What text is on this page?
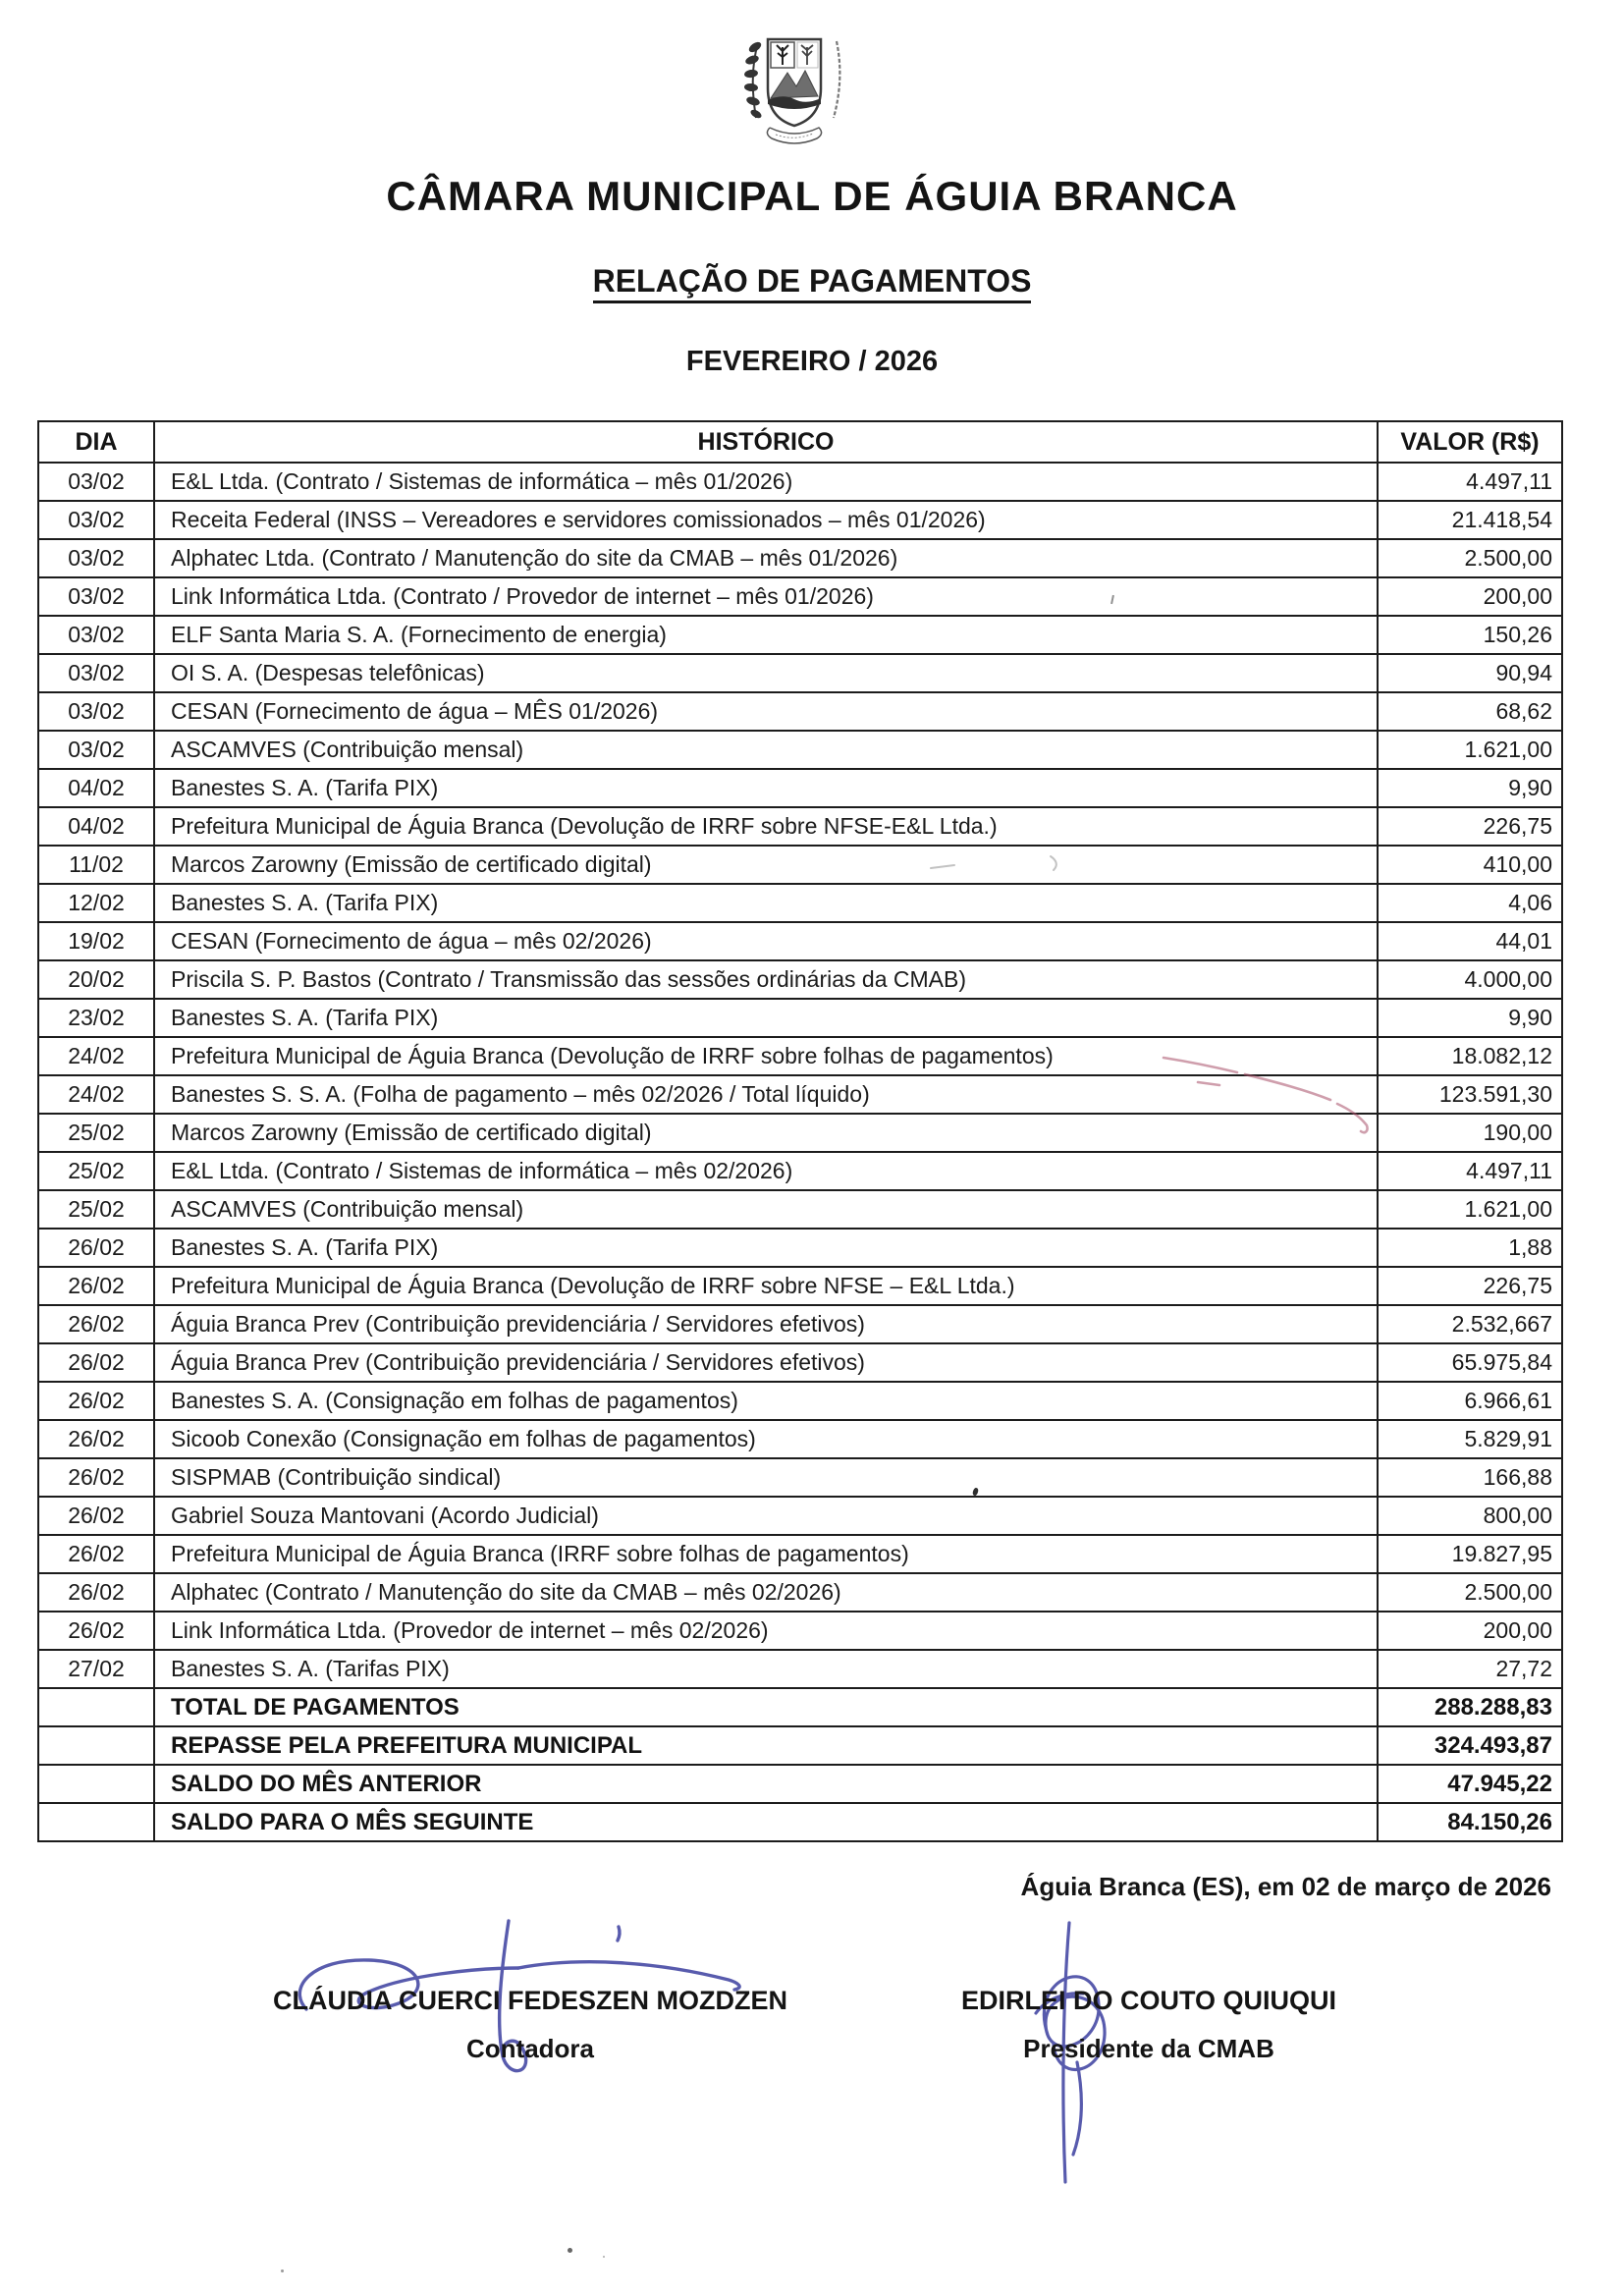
CÂMARA MUNICIPAL DE ÁGUIA BRANCA
RELAÇÃO DE PAGAMENTOS
FEVEREIRO / 2026
DIA	HISTÓRICO	VALOR (R$)
03/02	E&L Ltda. (Contrato / Sistemas de informática – mês 01/2026)	4.497,11
03/02	Receita Federal (INSS – Vereadores e servidores comissionados – mês 01/2026)	21.418,54
03/02	Alphatec Ltda. (Contrato / Manutenção do site da CMAB – mês 01/2026)	2.500,00
03/02	Link Informática Ltda. (Contrato / Provedor de internet – mês 01/2026)	200,00
03/02	ELF Santa Maria S. A. (Fornecimento de energia)	150,26
03/02	OI S. A. (Despesas telefônicas)	90,94
03/02	CESAN (Fornecimento de água – MÊS 01/2026)	68,62
03/02	ASCAMVES (Contribuição mensal)	1.621,00
04/02	Banestes S. A. (Tarifa PIX)	9,90
04/02	Prefeitura Municipal de Águia Branca (Devolução de IRRF sobre NFSE-E&L Ltda.)	226,75
11/02	Marcos Zarowny (Emissão de certificado digital)	410,00
12/02	Banestes S. A. (Tarifa PIX)	4,06
19/02	CESAN (Fornecimento de água – mês 02/2026)	44,01
20/02	Priscila S. P. Bastos (Contrato / Transmissão das sessões ordinárias da CMAB)	4.000,00
23/02	Banestes S. A. (Tarifa PIX)	9,90
24/02	Prefeitura Municipal de Águia Branca (Devolução de IRRF sobre folhas de pagamentos)	18.082,12
24/02	Banestes S. S. A. (Folha de pagamento – mês 02/2026 / Total líquido)	123.591,30
25/02	Marcos Zarowny (Emissão de certificado digital)	190,00
25/02	E&L Ltda. (Contrato / Sistemas de informática – mês 02/2026)	4.497,11
25/02	ASCAMVES (Contribuição mensal)	1.621,00
26/02	Banestes S. A. (Tarifa PIX)	1,88
26/02	Prefeitura Municipal de Águia Branca (Devolução de IRRF sobre NFSE – E&L Ltda.)	226,75
26/02	Águia Branca Prev (Contribuição previdenciária / Servidores efetivos)	2.532,667
26/02	Águia Branca Prev (Contribuição previdenciária / Servidores efetivos)	65.975,84
26/02	Banestes S. A. (Consignação em folhas de pagamentos)	6.966,61
26/02	Sicoob Conexão (Consignação em folhas de pagamentos)	5.829,91
26/02	SISPMAB (Contribuição sindical)	166,88
26/02	Gabriel Souza Mantovani (Acordo Judicial)	800,00
26/02	Prefeitura Municipal de Águia Branca (IRRF sobre folhas de pagamentos)	19.827,95
26/02	Alphatec (Contrato / Manutenção do site da CMAB – mês 02/2026)	2.500,00
26/02	Link Informática Ltda. (Provedor de internet – mês 02/2026)	200,00
27/02	Banestes S. A. (Tarifas PIX)	27,72
	TOTAL DE PAGAMENTOS	288.288,83
	REPASSE PELA PREFEITURA MUNICIPAL	324.493,87
	SALDO DO MÊS ANTERIOR	47.945,22
	SALDO PARA O MÊS SEGUINTE	84.150,26
Águia Branca (ES), em 02 de março de 2026
CLÁUDIA CUERCI FEDESZEN MOZDZEN
Contadora
EDIRLEI DO COUTO QUIUQUI
Presidente da CMAB
